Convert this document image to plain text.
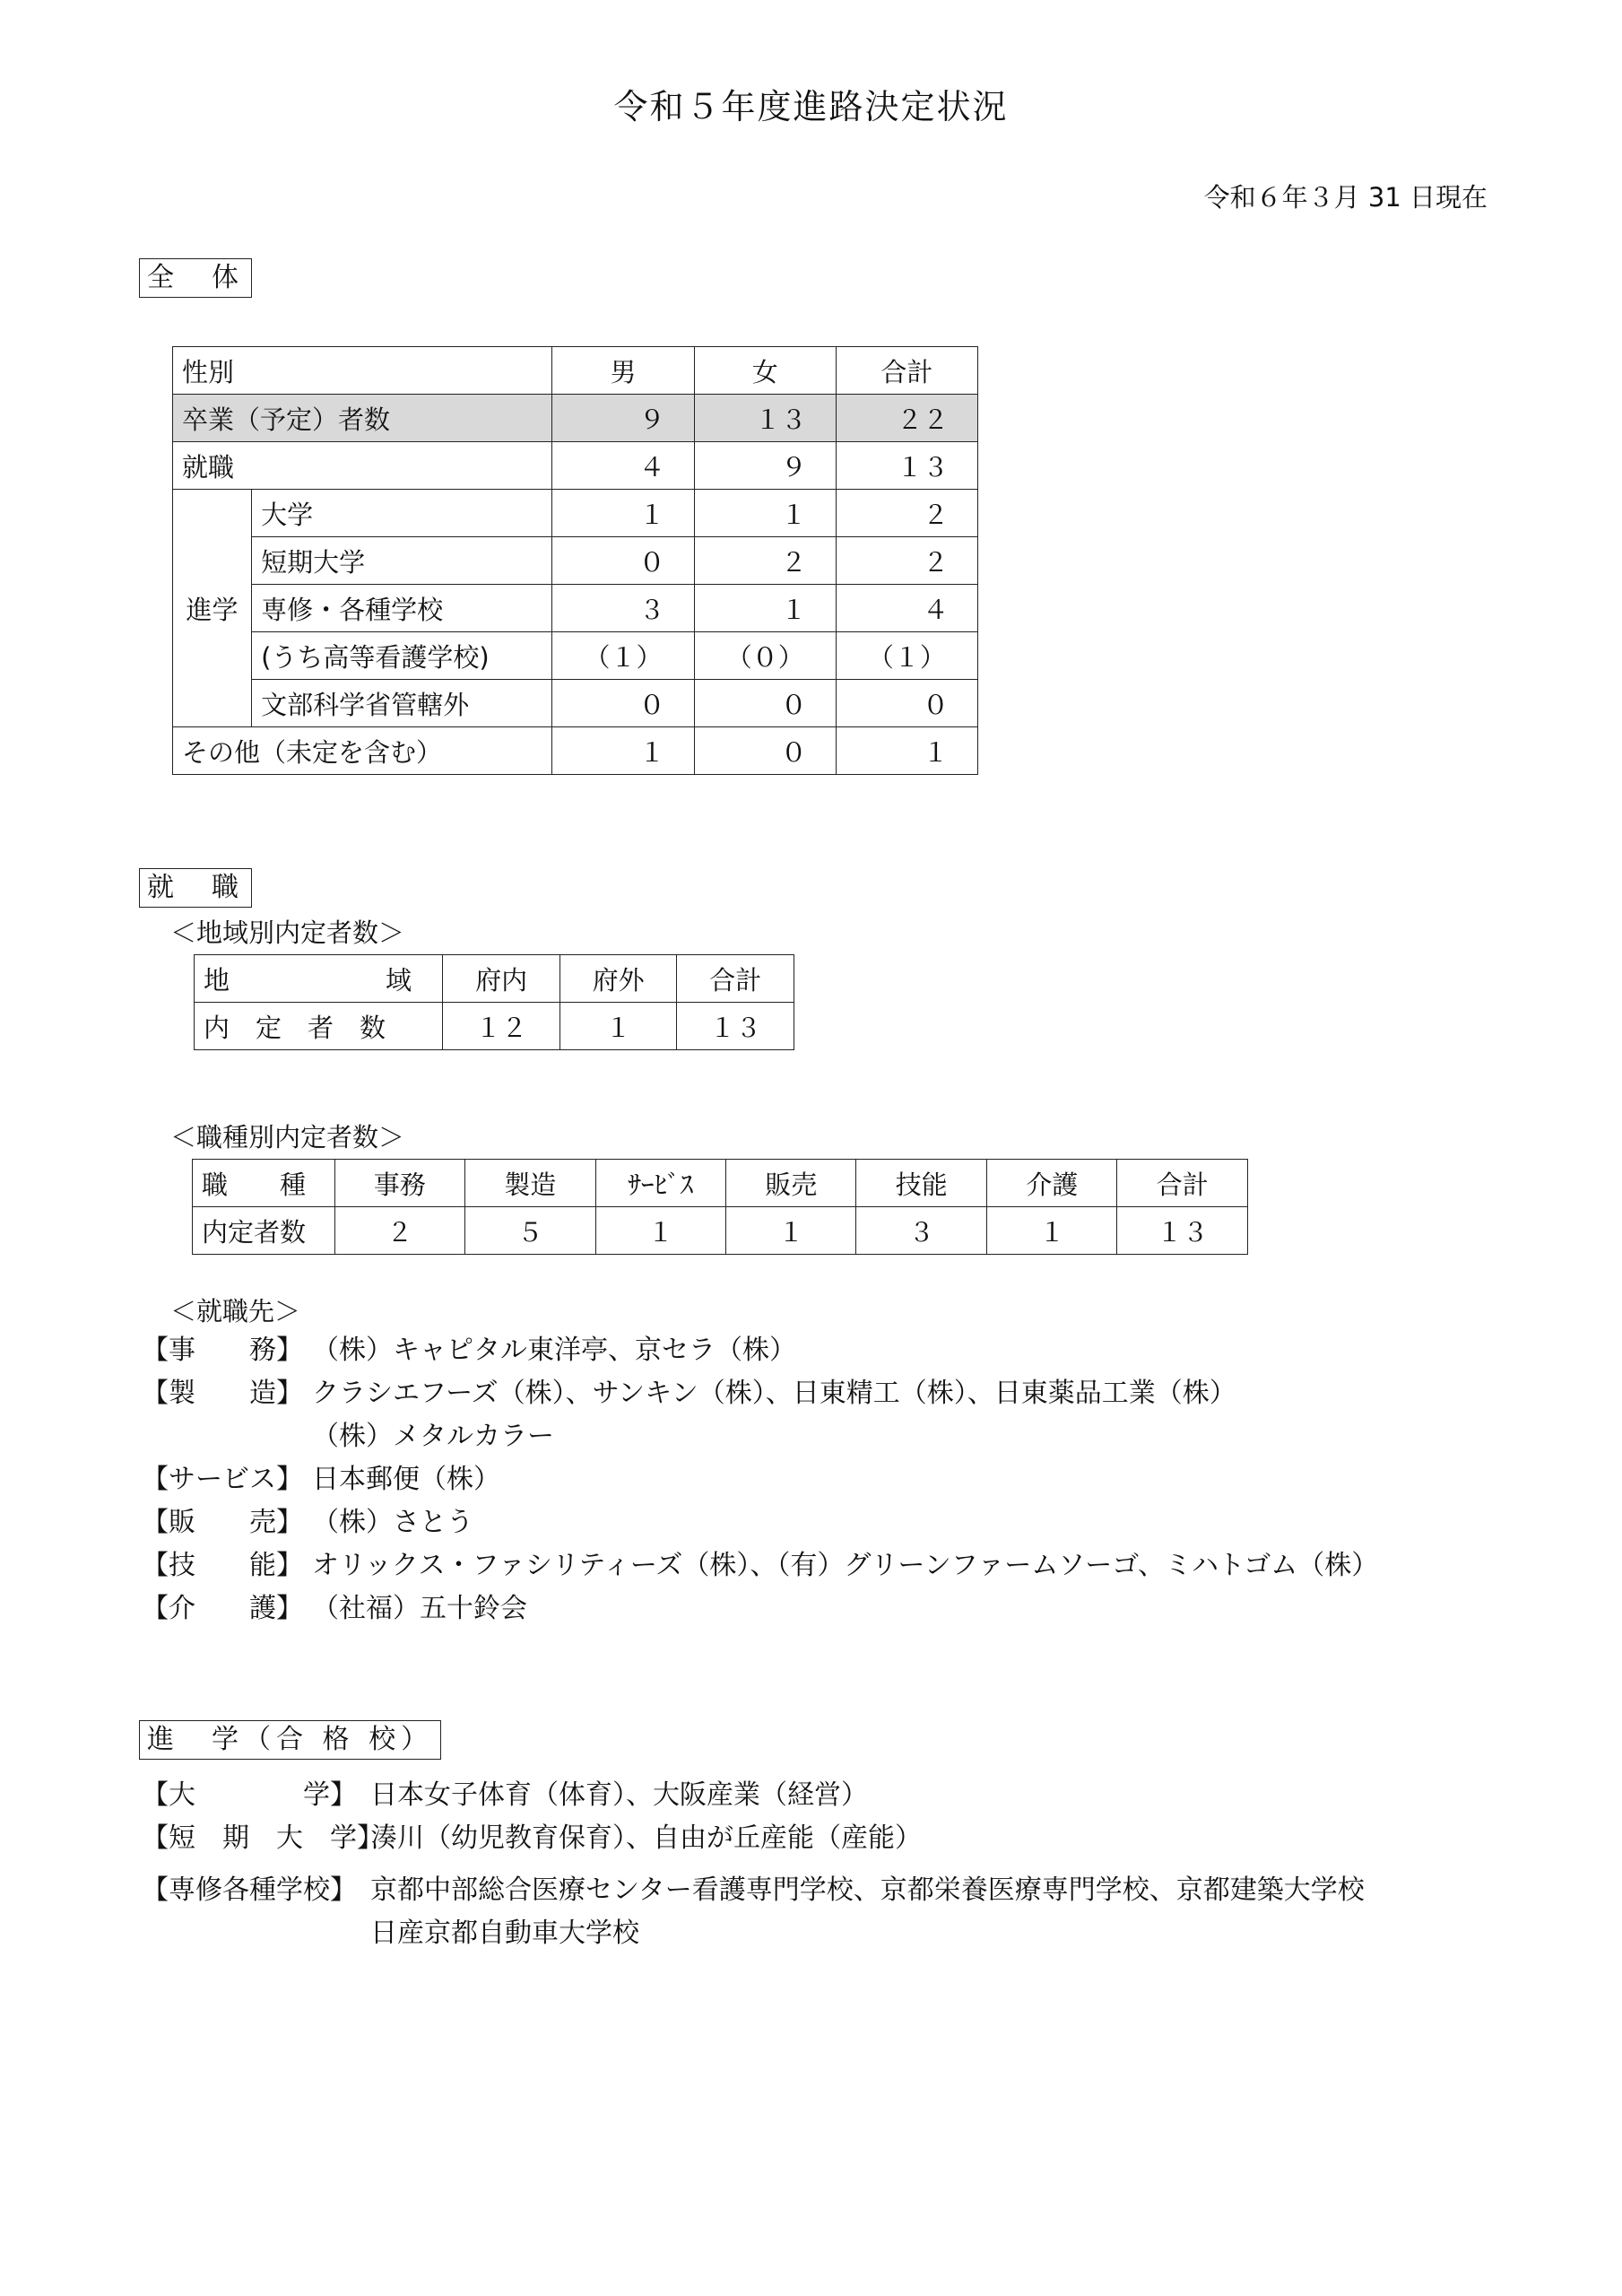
令和５年度進路決定状況
令和６年３月 31 日現在
全　体
性別		男	女	合計
卒業（予定）者数		９	１３	２２
就職		４	９	１３
進学	大学	１	１	２
	短期大学	０	２	２
	専修・各種学校	３	１	４
	(うち高等看護学校)	（１）	（０）	（１）
	文部科学省管轄外	０	０	０
その他（未定を含む）		１	０	１
就　職
＜地域別内定者数＞
地　　　　　　域	府内	府外	合計
内　定　者　数	１２	１	１３
＜職種別内定者数＞
職　　種	事務	製造	ｻｰﾋﾞｽ	販売	技能	介護	合計
内定者数	２	５	１	１	３	１	１３
＜就職先＞
【事　　務】 （株）キャピタル東洋亭、京セラ（株）
【製　　造】 クラシエフーズ（株）、サンキン（株）、日東精工（株）、日東薬品工業（株）
（株）メタルカラー
【サービス】 日本郵便（株）
【販　　売】 （株）さとう
【技　　能】 オリックス・ファシリティーズ（株）、（有）グリーンファームソーゴ、ミハトゴム（株）
【介　　護】 （社福）五十鈴会
進　学（合 格 校）
【大　　　　学】 日本女子体育（体育）、大阪産業（経営）
【短　期　大　学】湊川（幼児教育保育）、自由が丘産能（産能）
【専修各種学校】 京都中部総合医療センター看護専門学校、京都栄養医療専門学校、京都建築大学校
日産京都自動車大学校
